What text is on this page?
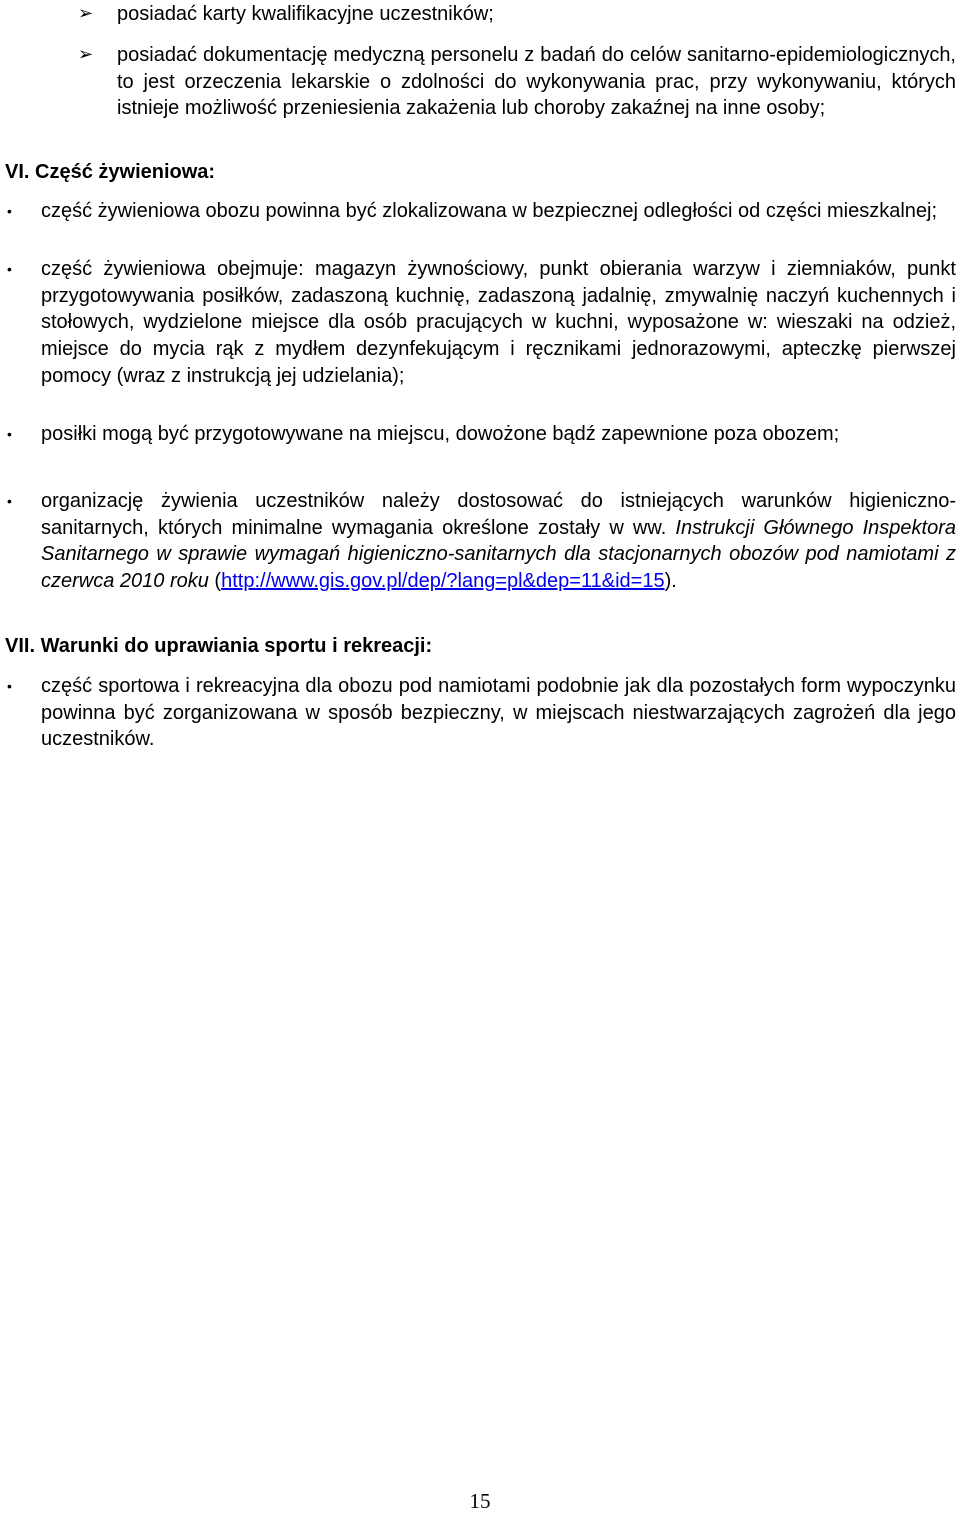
➢ posiadać karty kwalifikacyjne uczestników;
➢ posiadać dokumentację medyczną personelu z badań do celów sanitarno-epidemiologicznych, to jest orzeczenia lekarskie o zdolności do wykonywania prac, przy wykonywaniu, których istnieje możliwość przeniesienia zakażenia lub choroby zakaźnej na inne osoby;
VI. Część żywieniowa:
• część żywieniowa obozu powinna być zlokalizowana w bezpiecznej odległości od części mieszkalnej;
• część żywieniowa obejmuje: magazyn żywnościowy, punkt obierania warzyw i ziemniaków, punkt przygotowywania posiłków, zadaszoną kuchnię, zadaszoną jadalnię, zmywalnię naczyń kuchennych i stołowych, wydzielone miejsce dla osób pracujących w kuchni, wyposażone w: wieszaki na odzież, miejsce do mycia rąk z mydłem dezynfekującym i ręcznikami jednorazowymi, apteczkę pierwszej pomocy (wraz z instrukcją jej udzielania);
• posiłki mogą być przygotowywane na miejscu, dowożone bądź zapewnione poza obozem;
• organizację żywienia uczestników należy dostosować do istniejących warunków higieniczno-sanitarnych, których minimalne wymagania określone zostały w ww. Instrukcji Głównego Inspektora Sanitarnego w sprawie wymagań higieniczno-sanitarnych dla stacjonarnych obozów pod namiotami z czerwca 2010 roku (http://www.gis.gov.pl/dep/?lang=pl&dep=11&id=15).
VII. Warunki do uprawiania sportu i rekreacji:
• część sportowa i rekreacyjna dla obozu pod namiotami podobnie jak dla pozostałych form wypoczynku powinna być zorganizowana w sposób bezpieczny, w miejscach niestwarzających zagrożeń dla jego uczestników.
15
